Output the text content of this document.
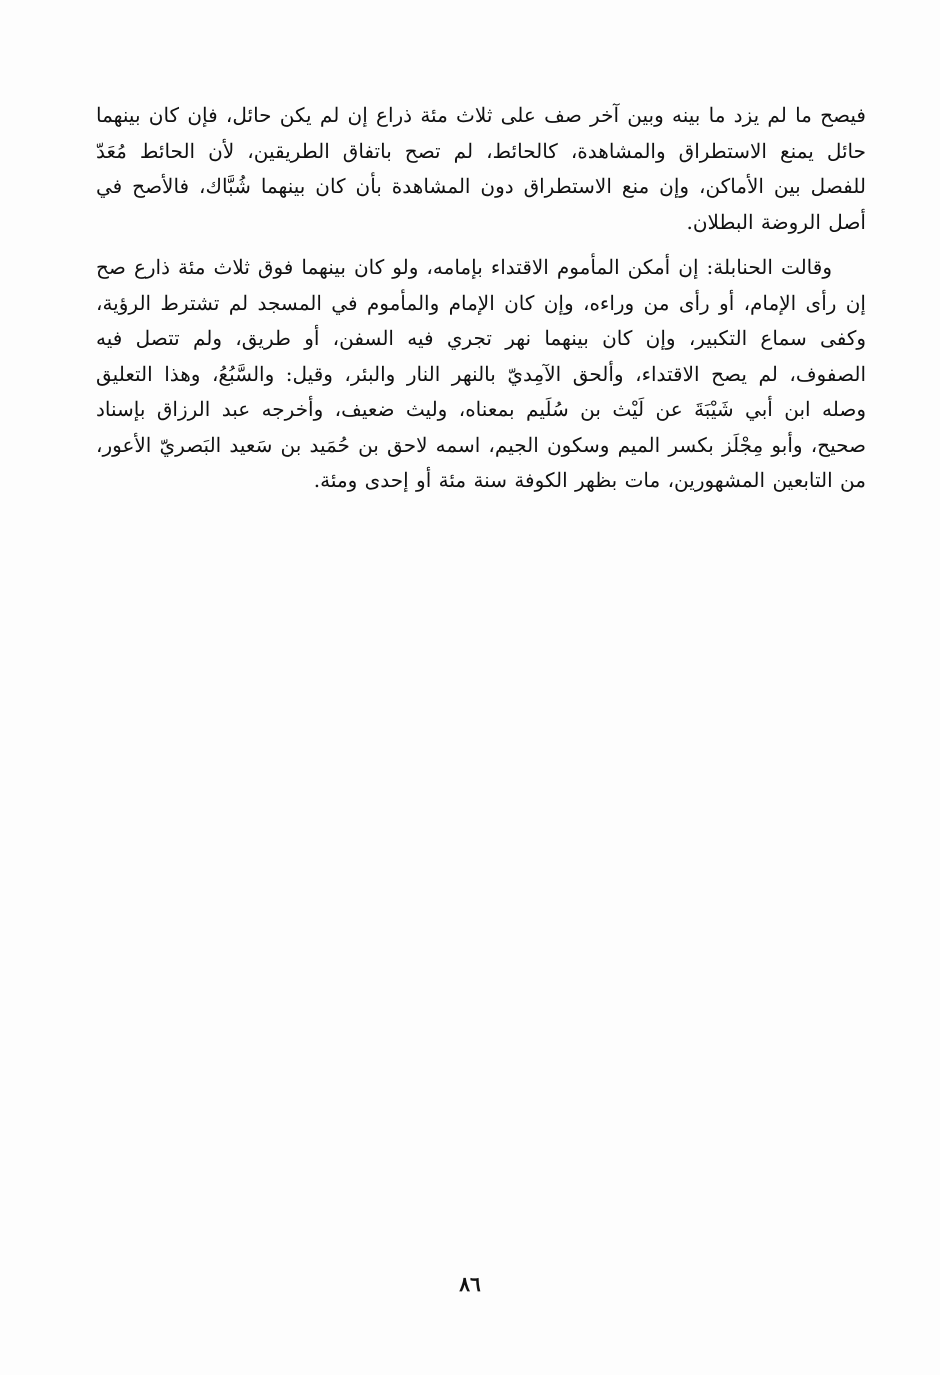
فيصح ما لم يزد ما بينه وبين آخر صف على ثلاث مئة ذراع إن لم يكن حائل، فإن كان بينهما حائل يمنع الاستطراق والمشاهدة، كالحائط، لم تصح باتفاق الطريقين، لأن الحائط مُعَدّ للفصل بين الأماكن، وإن منع الاستطراق دون المشاهدة بأن كان بينهما شُبَّاك، فالأصح في أصل الروضة البطلان.

وقالت الحنابلة: إن أمكن المأموم الاقتداء بإمامه، ولو كان بينهما فوق ثلاث مئة ذارع صح إن رأى الإمام، أو رأى من وراءه، وإن كان الإمام والمأموم في المسجد لم تشترط الرؤية، وكفى سماع التكبير، وإن كان بينهما نهر تجري فيه السفن، أو طريق، ولم تتصل فيه الصفوف، لم يصح الاقتداء، وألحق الآمِديّ بالنهر النار والبئر، وقيل: والسَّبُعُ، وهذا التعليق وصله ابن أبي شَيْبَةَ عن لَيْث بن سُلَيم بمعناه، وليث ضعيف، وأخرجه عبد الرزاق بإسناد صحيح، وأبو مِجْلَز بكسر الميم وسكون الجيم، اسمه لاحق بن حُمَيد بن سَعيد البَصريّ الأعور، من التابعين المشهورين، مات بظهر الكوفة سنة مئة أو إحدى ومئة.

٨٦
